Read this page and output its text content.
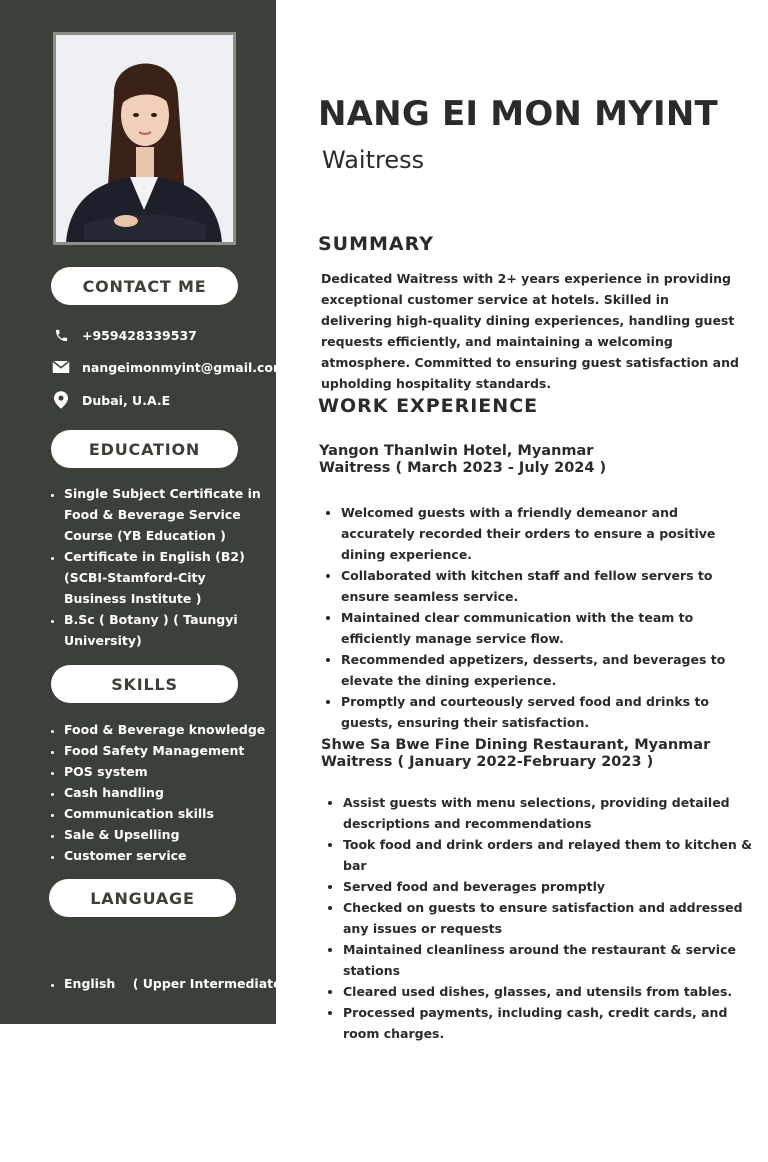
CONTACT ME
+959428339537
nangeimonmyint@gmail.com
Dubai, U.A.E
EDUCATION
• Single Subject Certificate in Food & Beverage Service Course (YB Education )
• Certificate in English (B2) (SCBI-Stamford-City Business Institute )
• B.Sc ( Botany ) ( Taungyi University)
SKILLS
• Food & Beverage knowledge
• Food Safety Management
• POS system
• Cash handling
• Communication skills
• Sale & Upselling
• Customer service
LANGUAGE

• English    ( Upper Intermediate )

• Chinese   ( Basic )

• Burmese  ( Native)

NANG EI MON MYINT
Waitress
SUMMARY
Dedicated Waitress with 2+ years experience in providing exceptional customer service at hotels. Skilled in delivering high-quality dining experiences, handling guest requests efficiently, and maintaining a welcoming atmosphere. Committed to ensuring guest satisfaction and upholding hospitality standards.
WORK EXPERIENCE
Yangon Thanlwin Hotel, Myanmar
Waitress ( March 2023 - July 2024 )
• Welcomed guests with a friendly demeanor and accurately recorded their orders to ensure a positive dining experience.
• Collaborated with kitchen staff and fellow servers to ensure seamless service.
• Maintained clear communication with the team to efficiently manage service flow.
• Recommended appetizers, desserts, and beverages to elevate the dining experience.
• Promptly and courteously served food and drinks to guests, ensuring their satisfaction.
Shwe Sa Bwe Fine Dining Restaurant, Myanmar
Waitress ( January 2022-February 2023 )
• Assist guests with menu selections, providing detailed descriptions and recommendations
• Took food and drink orders and relayed them to kitchen & bar
• Served food and beverages promptly
• Checked on guests to ensure satisfaction and addressed any issues or requests
• Maintained cleanliness around the restaurant & service stations
• Cleared used dishes, glasses, and utensils from tables.
• Processed payments, including cash, credit cards, and room charges.
